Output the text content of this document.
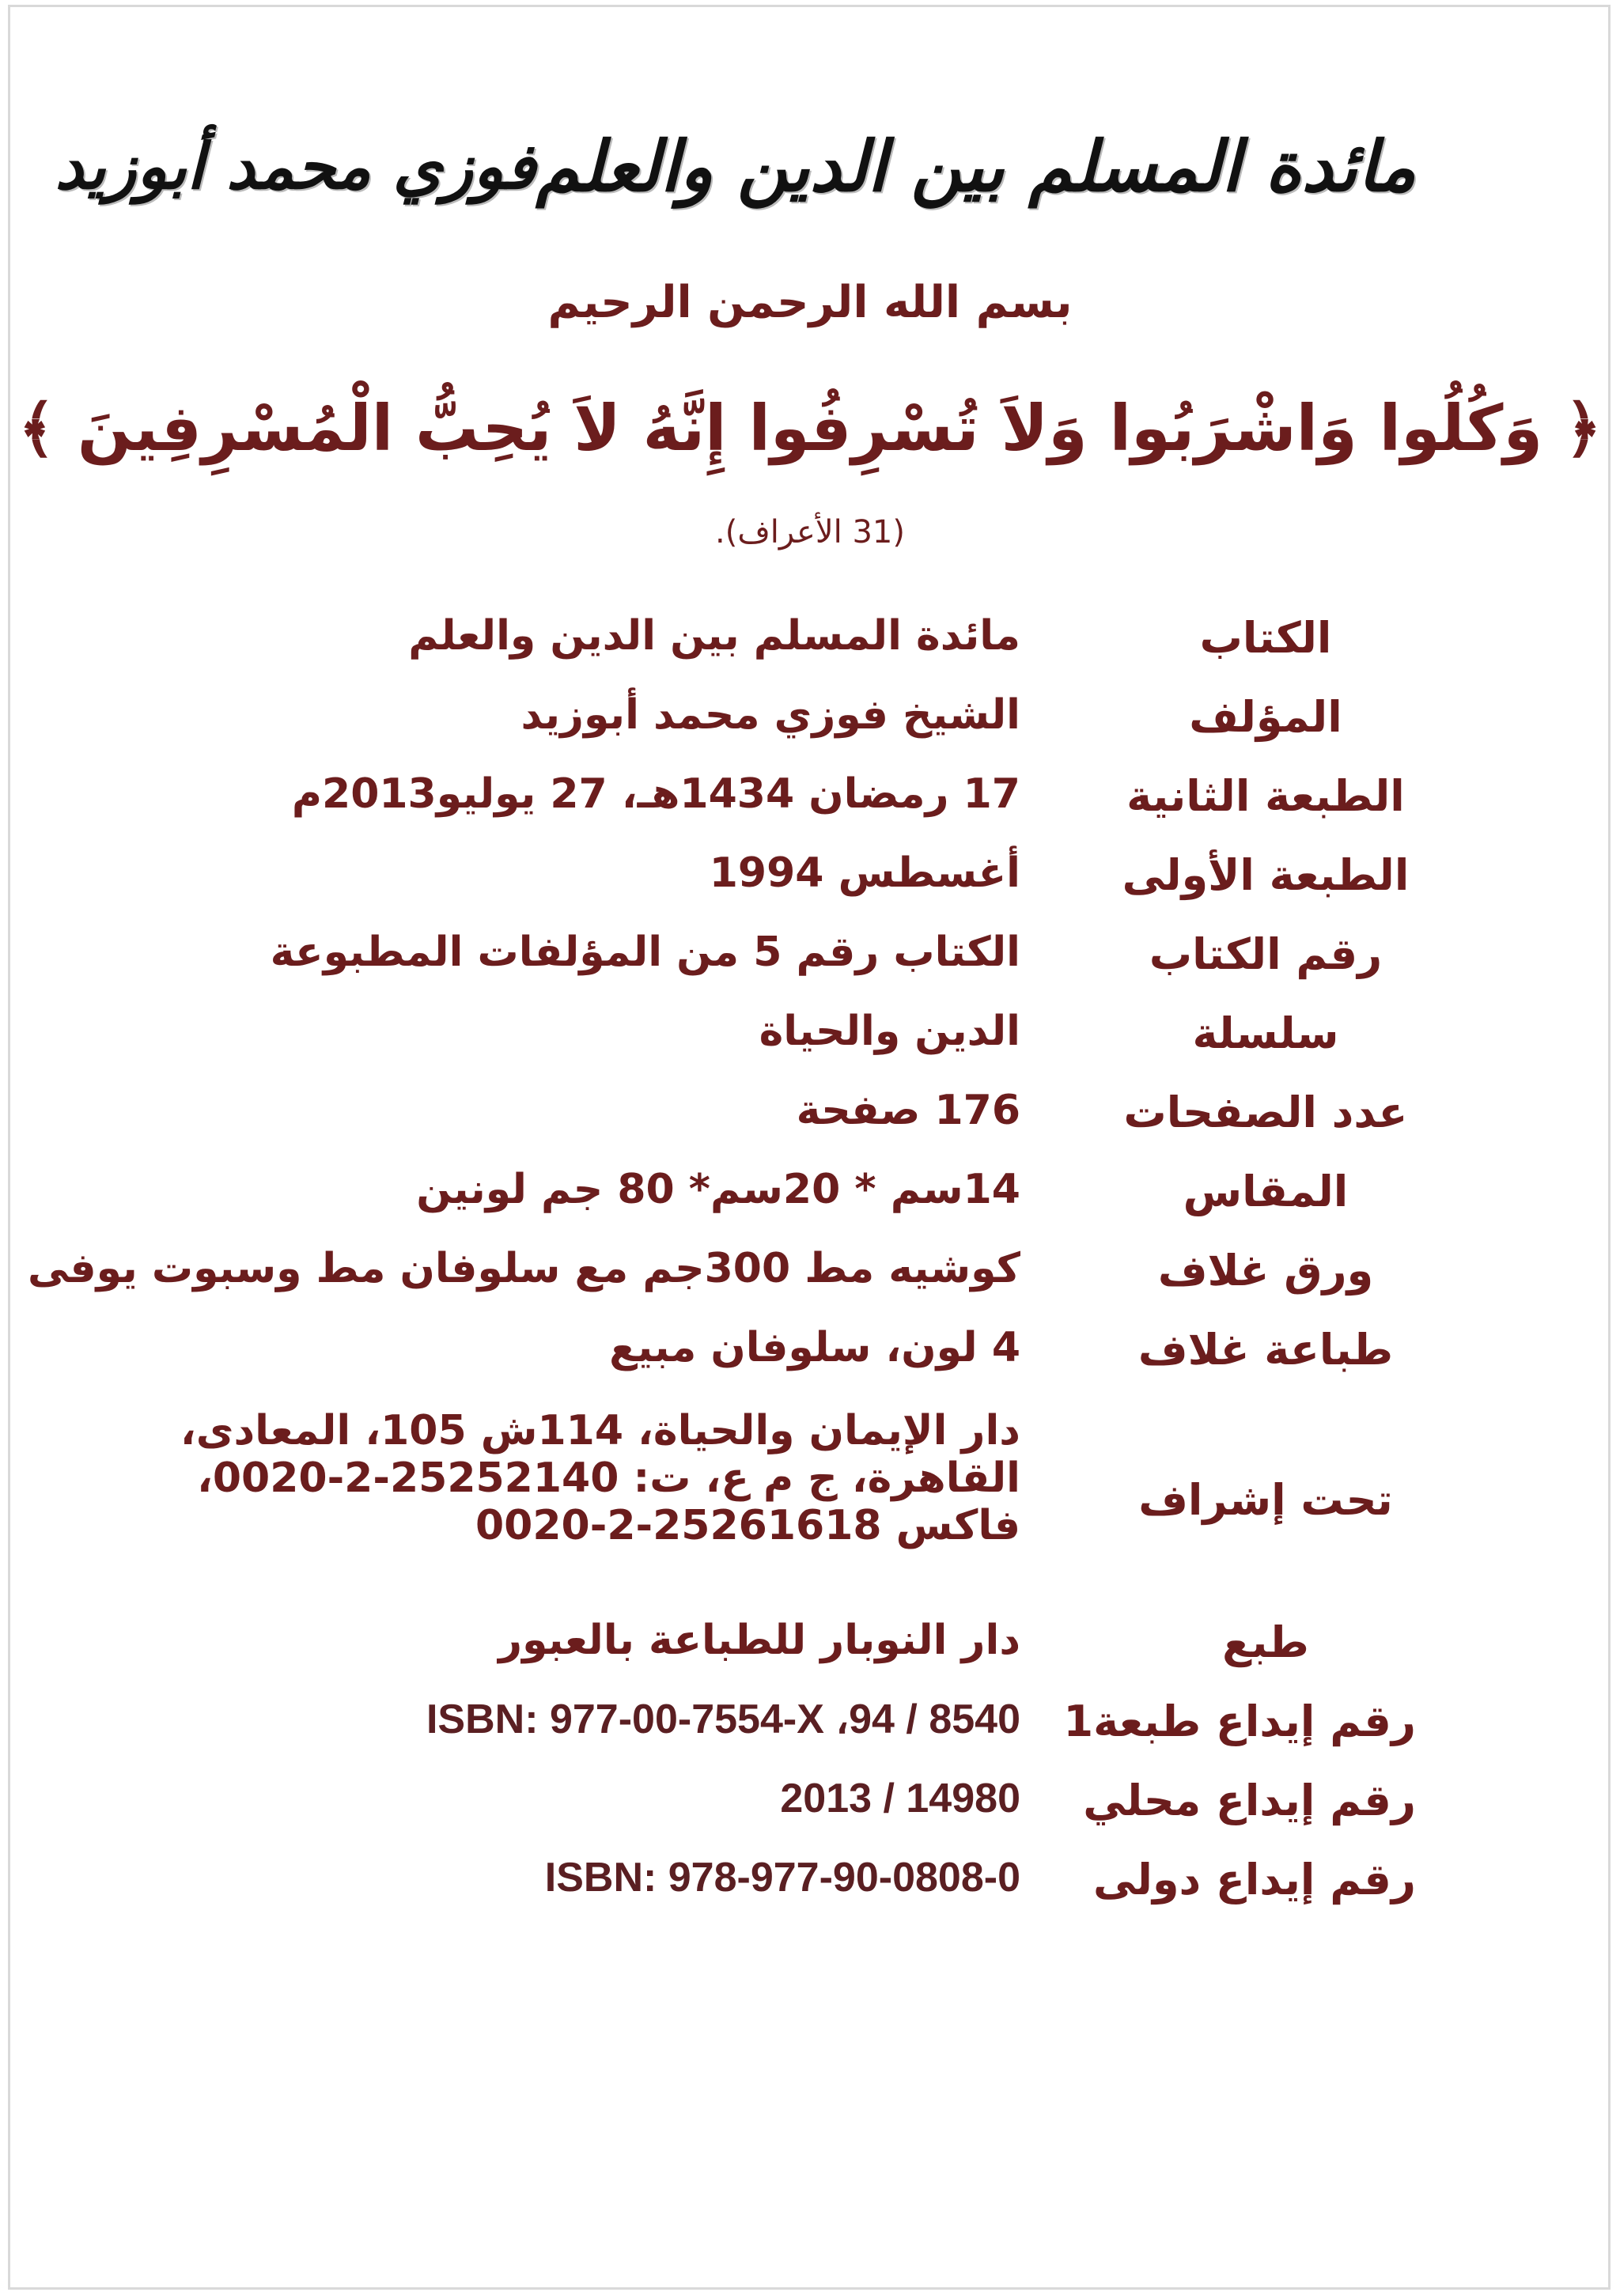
مائدة المسلم بين الدين والعلم
فوزي محمد أبوزيد
بسم الله الرحمن الرحيم
﴿ وَكُلُوا وَاشْرَبُوا وَلاَ تُسْرِفُوا إِنَّهُ لاَ يُحِبُّ الْمُسْرِفِينَ ﴾
(31 الأعراف).
الكتاب
مائدة المسلم بين الدين والعلم
المؤلف
الشيخ فوزي محمد أبوزيد
الطبعة الثانية
17 رمضان 1434هـ، 27 يوليو2013م
الطبعة الأولى
أغسطس 1994
رقم الكتاب
الكتاب رقم 5 من المؤلفات المطبوعة
سلسلة
الدين والحياة
عدد الصفحات
176 صفحة
المقاس
14سم * 20سم* 80 جم لونين
ورق غلاف
كوشيه مط 300جم مع سلوفان مط وسبوت يوفى
طباعة غلاف
4 لون، سلوفان مبيع
تحت إشراف
دار الإيمان والحياة، 114ش 105، المعادى،
القاهرة، ج م ع، ت: 25252140-2-0020،
فاكس 25261618-2-0020
طبع
دار النوبار للطباعة بالعبور
رقم إيداع طبعة1
8540 / 94، ISBN: 977-00-7554-X
رقم إيداع محلي
14980 / 2013
رقم إيداع دولى
ISBN: 978-977-90-0808-0
